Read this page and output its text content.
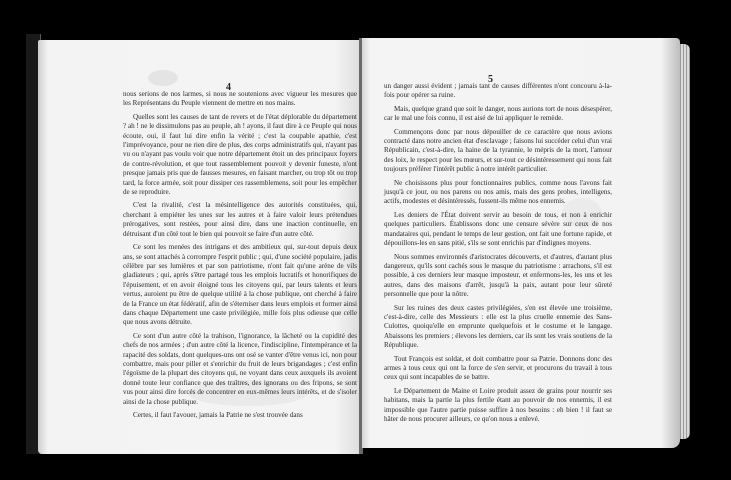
4

nous serions de nos larmes, si nous ne soutenions avec vigueur les mesures que les Représentans du Peuple viennent de mettre en nos mains.

Quelles sont les causes de tant de revers et de l'état déplorable du département ? ah ! ne le dissimulons pas au peuple, ah ! ayons, il faut dire à ce Peuple qui nous écoute, oui, il faut lui dire enfin la vérité ; c'est la coupable apathie, c'est l'imprévoyance, pour ne rien dire de plus, des corps administratifs qui, n'ayant pas vu ou n'ayant pas voulu voir que notre département étoit un des principaux foyers de contre-révolution, et que tout rassemblement pouvoit y devenir funeste, n'ont presque jamais pris que de fausses mesures, en faisant marcher, ou trop tôt ou trop tard, la force armée, soit pour dissiper ces rassemblemens, soit pour les empêcher de se reproduire.

C'est la rivalité, c'est la mésintelligence des autorités constituées, qui, cherchant à empiéter les unes sur les autres et à faire valoir leurs prétendues prérogatives, sont restées, pour ainsi dire, dans une inaction continuelle, en détruisant d'un côté tout le bien qui pouvoit se faire d'un autre côté.

Ce sont les menées des intrigans et des ambitieux qui, sur-tout depuis deux ans, se sont attachés à corrompre l'esprit public ; qui, d'une société populaire, jadis célèbre par ses lumières et par son patriotisme, n'ont fait qu'une arène de vils gladiateurs ; qui, après s'être partagé tous les emplois lucratifs et honorifiques de l'épuisement, et en avoir éloigné tous les citoyens qui, par leurs talents et leurs vertus, auroient pu être de quelque utilité à la chose publique, ont cherché à faire de la France un état fédératif, afin de s'éterniser dans leurs emplois et former ainsi dans chaque Département une caste privilégiée, mille fois plus odieuse que celle que nous avons détruite.

Ce sont d'un autre côté la trahison, l'ignorance, la lâcheté ou la cupidité des chefs de nos armées ; d'un autre côté la licence, l'indiscipline, l'intempérance et la rapacité des soldats, dont quelques-uns ont osé se vanter d'être venus ici, non pour combattre, mais pour piller et s'enrichir du fruit de leurs brigandages ; c'est enfin l'égoïsme de la plupart des citoyens qui, ne voyant dans ceux auxquels ils avoient donné toute leur confiance que des traîtres, des ignorans ou des fripons, se sont vus pour ainsi dire forcés de concentrer en eux-mêmes leurs intérêts, et de s'isoler ainsi de la chose publique.

Certes, il faut l'avouer, jamais la Patrie ne s'est trouvée dans

5

un danger aussi évident ; jamais tant de causes différentes n'ont concouru à-la-fois pour opérer sa ruine.

Mais, quelque grand que soit le danger, nous aurions tort de nous désespérer, car le mal une fois connu, il est aisé de lui appliquer le remède.

Commençons donc par nous dépouiller de ce caractère que nous avions contracté dans notre ancien état d'esclavage ; faisons lui succéder celui d'un vrai Républicain, c'est-à-dire, la haine de la tyrannie, le mépris de la mort, l'amour des loix, le respect pour les mœurs, et sur-tout ce désintéressement qui nous fait toujours préférer l'intérêt public à notre intérêt particulier.

Ne choisissons plus pour fonctionnaires publics, comme nous l'avons fait jusqu'à ce jour, ou nos parens ou nos amis, mais des gens probes, intelligens, actifs, modestes et désintéressés, fussent-ils même nos ennemis.

Les deniers de l'État doivent servir au besoin de tous, et non à enrichir quelques particuliers. Établissons donc une censure sévère sur ceux de nos mandataires qui, pendant le temps de leur gestion, ont fait une fortune rapide, et dépouillons-les en sans pitié, s'ils se sont enrichis par d'indignes moyens.

Nous sommes environnés d'aristocrates découverts, et d'autres, d'autant plus dangereux, qu'ils sont cachés sous le masque du patriotisme : arrachons, s'il est possible, à ces derniers leur masque imposteur, et enfermons-les, les uns et les autres, dans des maisons d'arrêt, jusqu'à la paix, autant pour leur sûreté personnelle que pour la nôtre.

Sur les ruines des deux castes privilégiées, s'en est élevée une troisième, c'est-à-dire, celle des Messieurs : elle est la plus cruelle ennemie des Sans-Culottes, quoiqu'elle en emprunte quelquefois et le costume et le langage. Abaissons les premiers ; élevons les derniers, car ils sont les vrais soutiens de la République.

Tout François est soldat, et doit combattre pour sa Patrie. Donnons donc des armes à tous ceux qui ont la force de s'en servir, et procurons du travail à tous ceux qui sont incapables de se battre.

Le Département de Maine et Loire produit assez de grains pour nourrir ses habitans, mais la partie la plus fertile étant au pouvoir de nos ennemis, il est impossible que l'autre partie puisse suffire à nos besoins : eh bien ! il faut se hâter de nous procurer ailleurs, ce qu'on nous a enlevé.
